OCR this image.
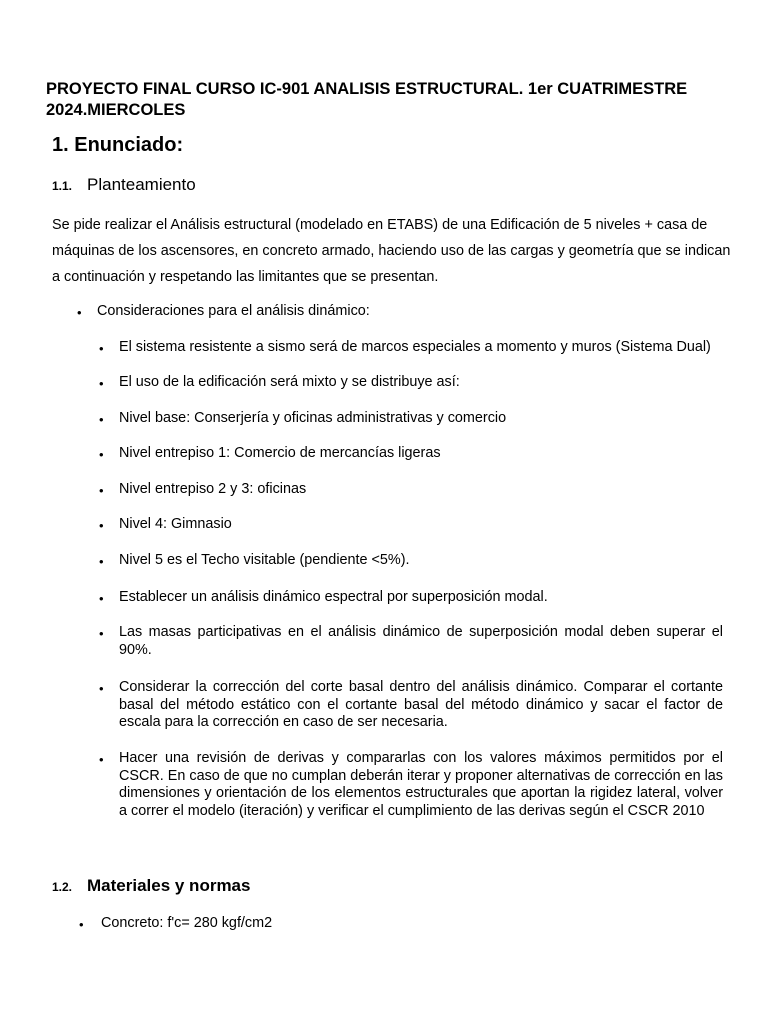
PROYECTO FINAL CURSO IC-901 ANALISIS ESTRUCTURAL. 1er CUATRIMESTRE 2024.MIERCOLES
1. Enunciado:
1.1. Planteamiento
Se pide realizar el Análisis estructural (modelado en ETABS) de una Edificación de 5 niveles + casa de máquinas de los ascensores, en concreto armado, haciendo uso de las cargas y geometría que se indican a continuación y respetando las limitantes que se presentan.
• Consideraciones para el análisis dinámico:
• El sistema resistente a sismo será de marcos especiales a momento y muros (Sistema Dual)
• El uso de la edificación será mixto y se distribuye así:
• Nivel base: Conserjería y oficinas administrativas y comercio
• Nivel entrepiso 1: Comercio de mercancías ligeras
• Nivel entrepiso 2 y 3: oficinas
• Nivel 4: Gimnasio
• Nivel 5 es el Techo visitable (pendiente <5%).
• Establecer un análisis dinámico espectral por superposición modal.
• Las masas participativas en el análisis dinámico de superposición modal deben superar el 90%.
• Considerar la corrección del corte basal dentro del análisis dinámico. Comparar el cortante basal del método estático con el cortante basal del método dinámico y sacar el factor de escala para la corrección en caso de ser necesaria.
• Hacer una revisión de derivas y compararlas con los valores máximos permitidos por el CSCR. En caso de que no cumplan deberán iterar y proponer alternativas de corrección en las dimensiones y orientación de los elementos estructurales que aportan la rigidez lateral, volver a correr el modelo (iteración) y verificar el cumplimiento de las derivas según el CSCR 2010
1.2. Materiales y normas
• Concreto: f'c= 280 kgf/cm2
